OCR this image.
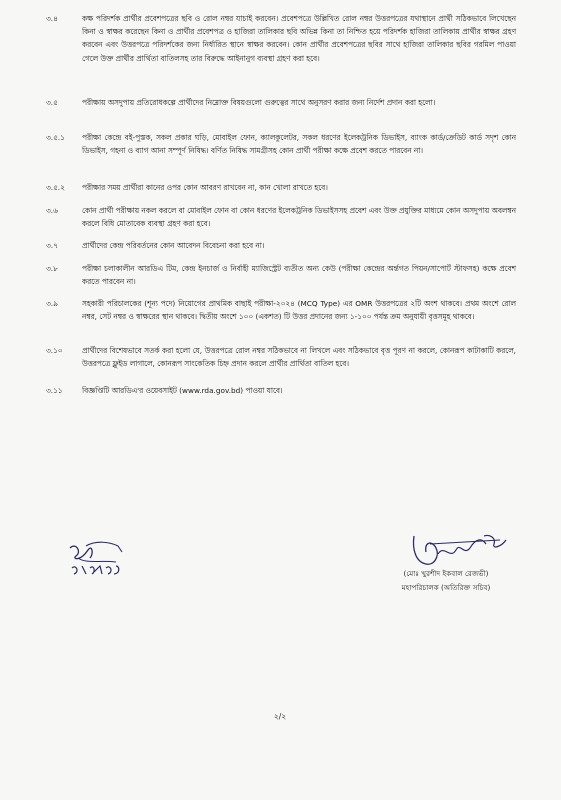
৩.৪	কক্ষ পরিদর্শক প্রার্থীর প্রবেশপত্রের ছবি ও রোল নম্বর যাচাই করবেন। প্রবেশপত্রে উল্লিখিত রোল নম্বর উত্তরপত্রের যথাস্থানে প্রার্থী সঠিকভাবে লিখেছেন কিনা ও স্বাক্ষর করেছেন কিনা ও প্রার্থীর প্রবেশপত্র ও হাজিরা তালিকার ছবি অভিন্ন কিনা তা নিশ্চিত হয়ে পরিদর্শক হাজিরা তালিকায় প্রার্থীর স্বাক্ষর গ্রহণ করবেন এবং উত্তরপত্রে পরিদর্শকের জন্য নির্ধারিত স্থানে স্বাক্ষর করবেন। কোন প্রার্থীর প্রবেশপত্রের ছবির সাথে হাজিরা তালিকার ছবির গরমিল পাওয়া গেলে উক্ত প্রার্থীর প্রার্থিতা বাতিলসহ তার বিরুদ্ধে আইনানুগ ব্যবস্থা গ্রহণ করা হবে।
৩.৫	পরীক্ষায় অসদুপায় প্রতিরোধকল্পে প্রার্থীদের নিম্নোক্ত বিষয়গুলো গুরুত্বের সাথে অনুসরণ করার জন্য নির্দেশ প্রদান করা হলো।
৩.৫.১ পরীক্ষা কেন্দ্রে বই-পুস্তক, সকল প্রকার ঘড়ি, মোবাইল ফোন, ক্যালকুলেটর, সকল ধরণের ইলেকট্রনিক ডিভাইস, ব্যাংক কার্ড/ক্রেডিট কার্ড সদৃশ কোন ডিভাইস, গহনা ও ব্যাগ আনা সম্পূর্ণ নিষিদ্ধ। বর্ণিত নিষিদ্ধ সামগ্রীসহ কোন প্রার্থী পরীক্ষা কক্ষে প্রবেশ করতে পারবেন না।
৩.৫.২ পরীক্ষার সময় প্রার্থীরা কানের ওপর কোন আবরণ রাখবেন না, কান খোলা রাখতে হবে।
৩.৬	কোন প্রার্থী পরীক্ষায় নকল করলে বা মোবাইল ফোন বা কোন ধরণের ইলেকট্রনিক ডিভাইসসহ প্রবেশ এবং উক্ত প্রযুক্তির মাধ্যমে কোন অসদুপায় অবলম্বন করলে বিধি মোতাবেক ব্যবস্থা গ্রহণ করা হবে।
৩.৭	প্রার্থীদের কেন্দ্র পরিবর্তনের কোন আবেদন বিবেচনা করা হবে না।
৩.৮	পরীক্ষা চলাকালীন আরডিএ টিম, কেন্দ্র ইনচার্জ ও নির্বাহী ম্যাজিস্ট্রেট ব্যতীত অন্য কেউ (পরীক্ষা কেন্দ্রের অর্ন্তগত পিয়ন/সাপোর্ট স্টাফসহ) কক্ষে প্রবেশ করতে পারবেন না।
৩.৯	সহকারী পরিচালকের (শূন্য পদে) নিয়োগের প্রাথমিক বাছাই পরীক্ষা-২০২৪ (MCQ Type) এর OMR উত্তরপত্রের ২টি অংশ থাকবে। প্রথম অংশে রোল নম্বর, সেট নম্বর ও স্বাক্ষরের স্থান থাকবে। দ্বিতীয় অংশে ১০০ (একশত) টি উত্তর প্রদানের জন্য ১-১০০ পর্যন্ত ক্রম অনুযায়ী বৃত্তসমূহ থাকবে।
৩.১০	প্রার্থীদের বিশেষভাবে সতর্ক করা হলো যে, উত্তরপত্রে রোল নম্বর সঠিকভাবে না লিখলে এবং সঠিকভাবে বৃত্ত পূরণ না করলে, কোনরূপ কাটাকাটি করলে, উত্তরপত্রে ফ্লুইড লাগালে, কোনরূপ সাংকেতিক চিহ্ন প্রদান করলে প্রার্থীর প্রার্থিতা বাতিল হবে।
৩.১১	বিজ্ঞপ্তিটি আরডিএ'র ওয়েবসাইট (www.rda.gov.bd) পাওয়া যাবে।
(মোঃ খুরশীদ ইকবাল রেজভী)
মহাপরিচালক (অতিরিক্ত সচিব)
২/২
